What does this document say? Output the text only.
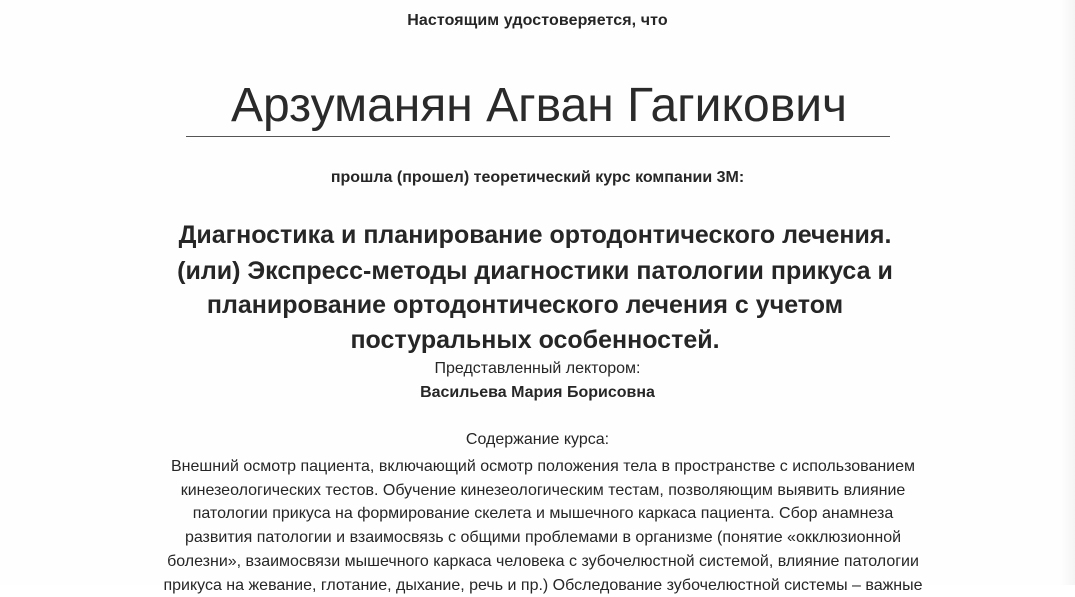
Настоящим удостоверяется, что
Арзуманян Агван Гагикович
прошла (прошел) теоретический курс компании 3М:
Диагностика и планирование ортодонтического лечения.
(или) Экспресс-методы диагностики патологии прикуса и
планирование ортодонтического лечения с учетом
постуральных особенностей.
Представленный лектором:
Васильева Мария Борисовна
Содержание курса:
Внешний осмотр пациента, включающий осмотр положения тела в пространстве с использованием
кинезеологических тестов. Обучение кинезеологическим тестам, позволяющим выявить влияние
патологии прикуса на формирование скелета и мышечного каркаса пациента. Сбор анамнеза
развития патологии и взаимосвязь с общими проблемами в организме (понятие «окклюзионной
болезни», взаимосвязи мышечного каркаса человека с зубочелюстной системой, влияние патологии
прикуса на жевание, глотание, дыхание, речь и пр.) Обследование зубочелюстной системы – важные
